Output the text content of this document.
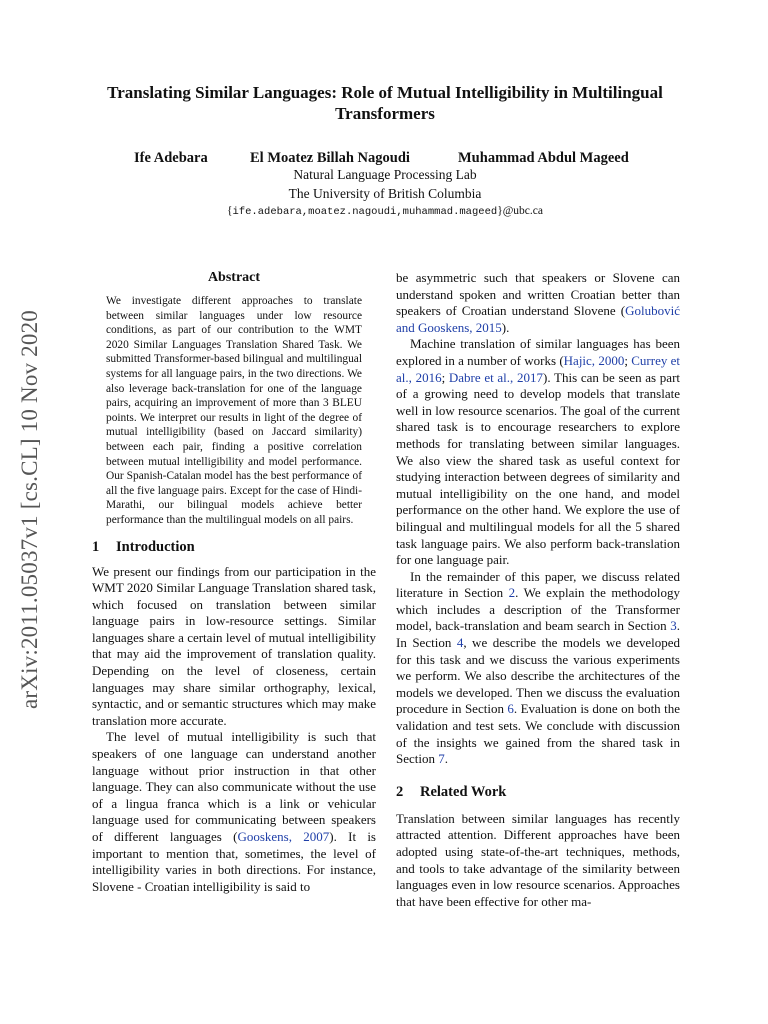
arXiv:2011.05037v1 [cs.CL] 10 Nov 2020
Translating Similar Languages: Role of Mutual Intelligibility in Multilingual Transformers
Ife Adebara	El Moatez Billah Nagoudi	Muhammad Abdul Mageed
Natural Language Processing Lab
The University of British Columbia
{ife.adebara,moatez.nagoudi,muhammad.mageed}@ubc.ca
Abstract

We investigate different approaches to translate between similar languages under low resource conditions, as part of our contribution to the WMT 2020 Similar Languages Translation Shared Task. We submitted Transformer-based bilingual and multilingual systems for all language pairs, in the two directions. We also leverage back-translation for one of the language pairs, acquiring an improvement of more than 3 BLEU points. We interpret our results in light of the degree of mutual intelligibility (based on Jaccard similarity) between each pair, finding a positive correlation between mutual intelligibility and model performance. Our Spanish-Catalan model has the best performance of all the five language pairs. Except for the case of Hindi-Marathi, our bilingual models achieve better performance than the multilingual models on all pairs.

1 Introduction

We present our findings from our participation in the WMT 2020 Similar Language Translation shared task, which focused on translation between similar language pairs in low-resource settings. Similar languages share a certain level of mutual intelligibility that may aid the improvement of translation quality. Depending on the level of closeness, certain languages may share similar orthography, lexical, syntactic, and or semantic structures which may make translation more accurate.

The level of mutual intelligibility is such that speakers of one language can understand another language without prior instruction in that other language. They can also communicate without the use of a lingua franca which is a link or vehicular language used for communicating between speakers of different languages (Gooskens, 2007). It is important to mention that, sometimes, the level of intelligibility varies in both directions. For instance, Slovene - Croatian intelligibility is said to

be asymmetric such that speakers or Slovene can understand spoken and written Croatian better than speakers of Croatian understand Slovene (Golubović and Gooskens, 2015).

Machine translation of similar languages has been explored in a number of works (Hajic, 2000; Currey et al., 2016; Dabre et al., 2017). This can be seen as part of a growing need to develop models that translate well in low resource scenarios. The goal of the current shared task is to encourage researchers to explore methods for translating between similar languages. We also view the shared task as useful context for studying interaction between degrees of similarity and mutual intelligibility on the one hand, and model performance on the other hand. We explore the use of bilingual and multilingual models for all the 5 shared task language pairs. We also perform back-translation for one language pair.

In the remainder of this paper, we discuss related literature in Section 2. We explain the methodology which includes a description of the Transformer model, back-translation and beam search in Section 3. In Section 4, we describe the models we developed for this task and we discuss the various experiments we perform. We also describe the architectures of the models we developed. Then we discuss the evaluation procedure in Section 6. Evaluation is done on both the validation and test sets. We conclude with discussion of the insights we gained from the shared task in Section 7.

2 Related Work

Translation between similar languages has recently attracted attention. Different approaches have been adopted using state-of-the-art techniques, methods, and tools to take advantage of the similarity between languages even in low resource scenarios. Approaches that have been effective for other ma-
